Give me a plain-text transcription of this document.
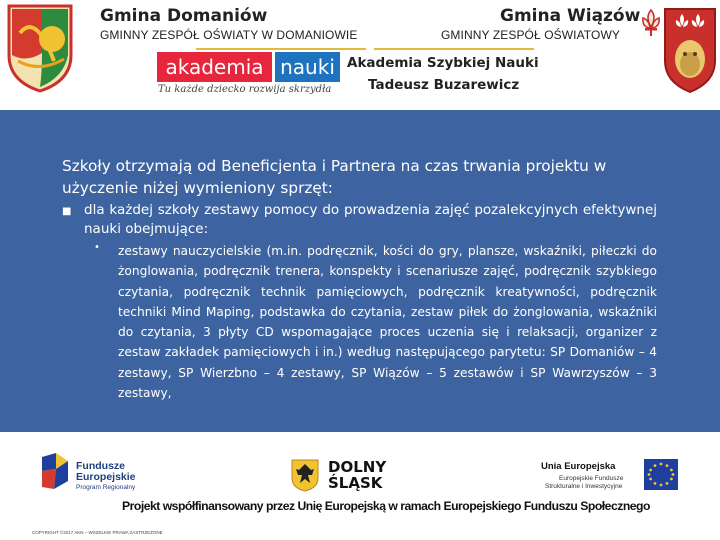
Gmina Domaniów
GMINNY ZESPÓŁ OŚWIATY W DOMANIOWIE
Gmina Wiązów
GMINNY ZESPÓŁ OŚWIATOWY
akademia nauki
Tu każde dziecko rozwija skrzydła
Akademia Szybkiej Nauki
Tadeusz Buzarewicz
Szkoły otrzymają od Beneficjenta i Partnera na czas trwania projektu w użyczenie niżej wymieniony sprzęt:
■ dla każdej szkoły zestawy pomocy do prowadzenia zajęć pozalekcyjnych efektywnej nauki obejmujące:
• zestawy nauczycielskie (m.in. podręcznik, kości do gry, plansze, wskaźniki, piłeczki do żonglowania, podręcznik trenera, konspekty i scenariusze zajęć, podręcznik szybkiego czytania, podręcznik technik pamięciowych, podręcznik kreatywności, podręcznik techniki Mind Maping, podstawka do czytania, zestaw piłek do żonglowania, wskaźniki do czytania, 3 płyty CD wspomagające proces uczenia się i relaksacji, organizer z zestaw zakładek pamięciowych i in.) według następującego parytetu: SP Domaniów – 4 zestawy, SP Wierzbno – 4 zestawy, SP Wiązów – 5 zestawów i SP Wawrzyszów – 3 zestawy,
Fundusze
Europejskie
Program Regionalny
DOLNY
ŚLĄSK
Unia Europejska
Europejskie Fundusze
Strukturalne i Inwestycyjne
Projekt współfinansowany przez Unię Europejską w ramach Europejskiego Funduszu Społecznego
COPYRIGHT ©2017 AKN – WSZELKIE PRAWA ZASTRZEŻONE
